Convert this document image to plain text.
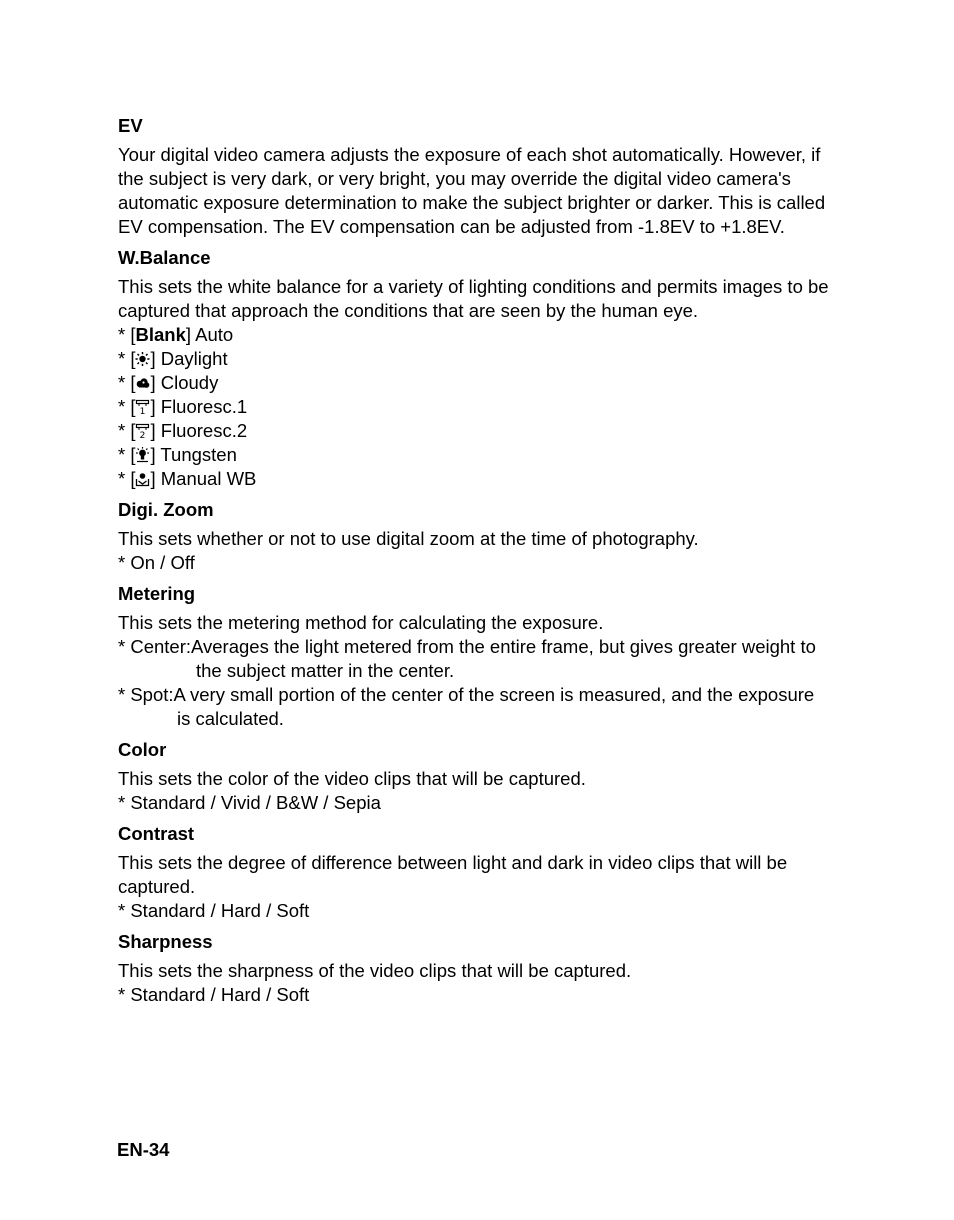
EV

Your digital video camera adjusts the exposure of each shot automatically. However, if the subject is very dark, or very bright, you may override the digital video camera's automatic exposure determination to make the subject brighter or darker. This is called EV compensation. The EV compensation can be adjusted from -1.8EV to +1.8EV.

W.Balance

This sets the white balance for a variety of lighting conditions and permits images to be captured that approach the conditions that are seen by the human eye.

* [Blank] Auto
* [ ] Daylight
* [ ] Cloudy
* [ 1 ] Fluoresc.1
* [ 2 ] Fluoresc.2
* [ ] Tungsten
* [ ] Manual WB
Digi. Zoom

This sets whether or not to use digital zoom at the time of photography.

* On / Off
Metering

This sets the metering method for calculating the exposure.

* Center: Averages the light metered from the entire frame, but gives greater weight to
the subject matter in the center.
* Spot: A very small portion of the center of the screen is measured, and the exposure
is calculated.
Color

This sets the color of the video clips that will be captured.

* Standard / Vivid / B&W / Sepia
Contrast

This sets the degree of difference between light and dark in video clips that will be captured.

* Standard / Hard / Soft
Sharpness

This sets the sharpness of the video clips that will be captured.

* Standard / Hard / Soft
EN-34
